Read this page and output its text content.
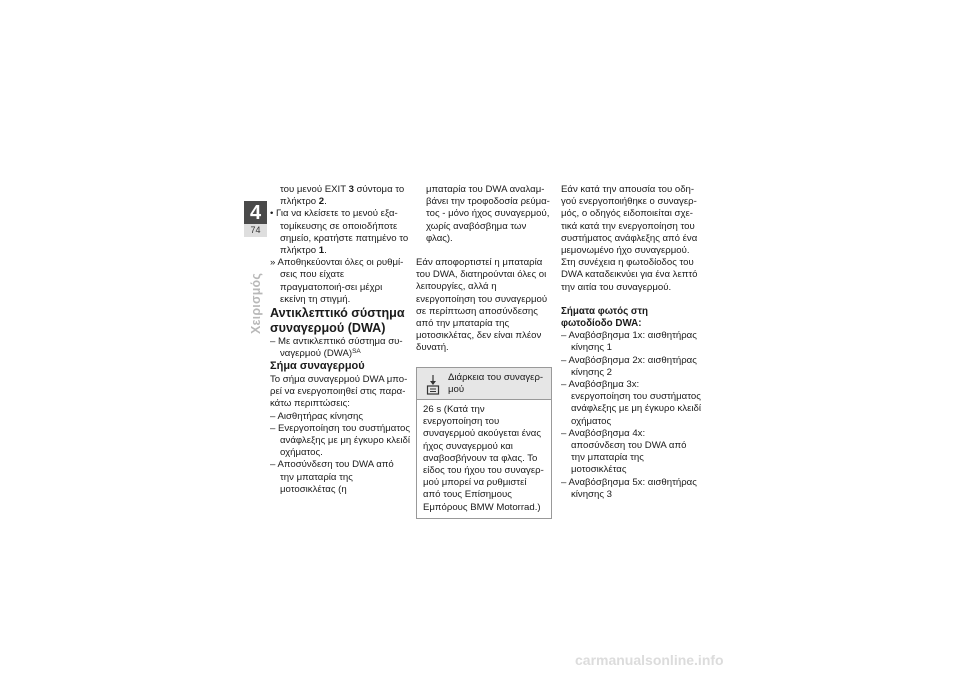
4
74
Χειρισμός

του μενού EXIT 3 σύντομα το πλήκτρο 2.

• Για να κλείσετε το μενού εξα-τομίκευσης σε οποιοδήποτε σημείο, κρατήστε πατημένο το πλήκτρο 1.

» Αποθηκεύονται όλες οι ρυθμί-σεις που είχατε πραγματοποιή-σει μέχρι εκείνη τη στιγμή.

Αντικλεπτικό σύστημα συναγερμού (DWA)

– Με αντικλεπτικό σύστημα συ-ναγερμού (DWA)$^{SA}$

Σήμα συναγερμού

Το σήμα συναγερμού DWA μπο-ρεί να ενεργοποιηθεί στις παρα-κάτω περιπτώσεις:

– Αισθητήρας κίνησης

– Ενεργοποίηση του συστήματος ανάφλεξης με μη έγκυρο κλειδί οχήματος.

– Αποσύνδεση του DWA από την μπαταρία της μοτοσικλέτας (η

μπαταρία του DWA αναλαμ-βάνει την τροφοδοσία ρεύμα-τος - μόνο ήχος συναγερμού, χωρίς αναβόσβημα των φλας).

Εάν αποφορτιστεί η μπαταρία του DWA, διατηρούνται όλες οι λειτουργίες, αλλά η ενεργοποίηση του συναγερμού σε περίπτωση αποσύνδεσης από την μπαταρία της μοτοσικλέτας, δεν είναι πλέον δυνατή.

Διάρκεια του συναγερ-μού
26 s (Κατά την ενεργοποίηση του συναγερμού ακούγεται ένας ήχος συναγερμού και αναβοσβήνουν τα φλας. Το είδος του ήχου του συναγερ-μού μπορεί να ρυθμιστεί από τους Επίσημους Εμπόρους BMW Motorrad.)

Εάν κατά την απουσία του οδη-γού ενεργοποιήθηκε ο συναγερ-μός, ο οδηγός ειδοποιείται σχε-τικά κατά την ενεργοποίηση του συστήματος ανάφλεξης από ένα μεμονωμένο ήχο συναγερμού. Στη συνέχεια η φωτοδίοδος του DWA καταδεικνύει για ένα λεπτό την αιτία του συναγερμού.

Σήματα φωτός στη φωτοδίοδο DWA:

– Αναβόσβησμα 1x: αισθητήρας κίνησης 1

– Αναβόσβησμα 2x: αισθητήρας κίνησης 2

– Αναβόσβημα 3x: ενεργοποίηση του συστήματος ανάφλεξης με μη έγκυρο κλειδί οχήματος

– Αναβόσβησμα 4x: αποσύνδεση του DWA από την μπαταρία της μοτοσικλέτας

– Αναβόσβησμα 5x: αισθητήρας κίνησης 3

carmanualsonline.info
